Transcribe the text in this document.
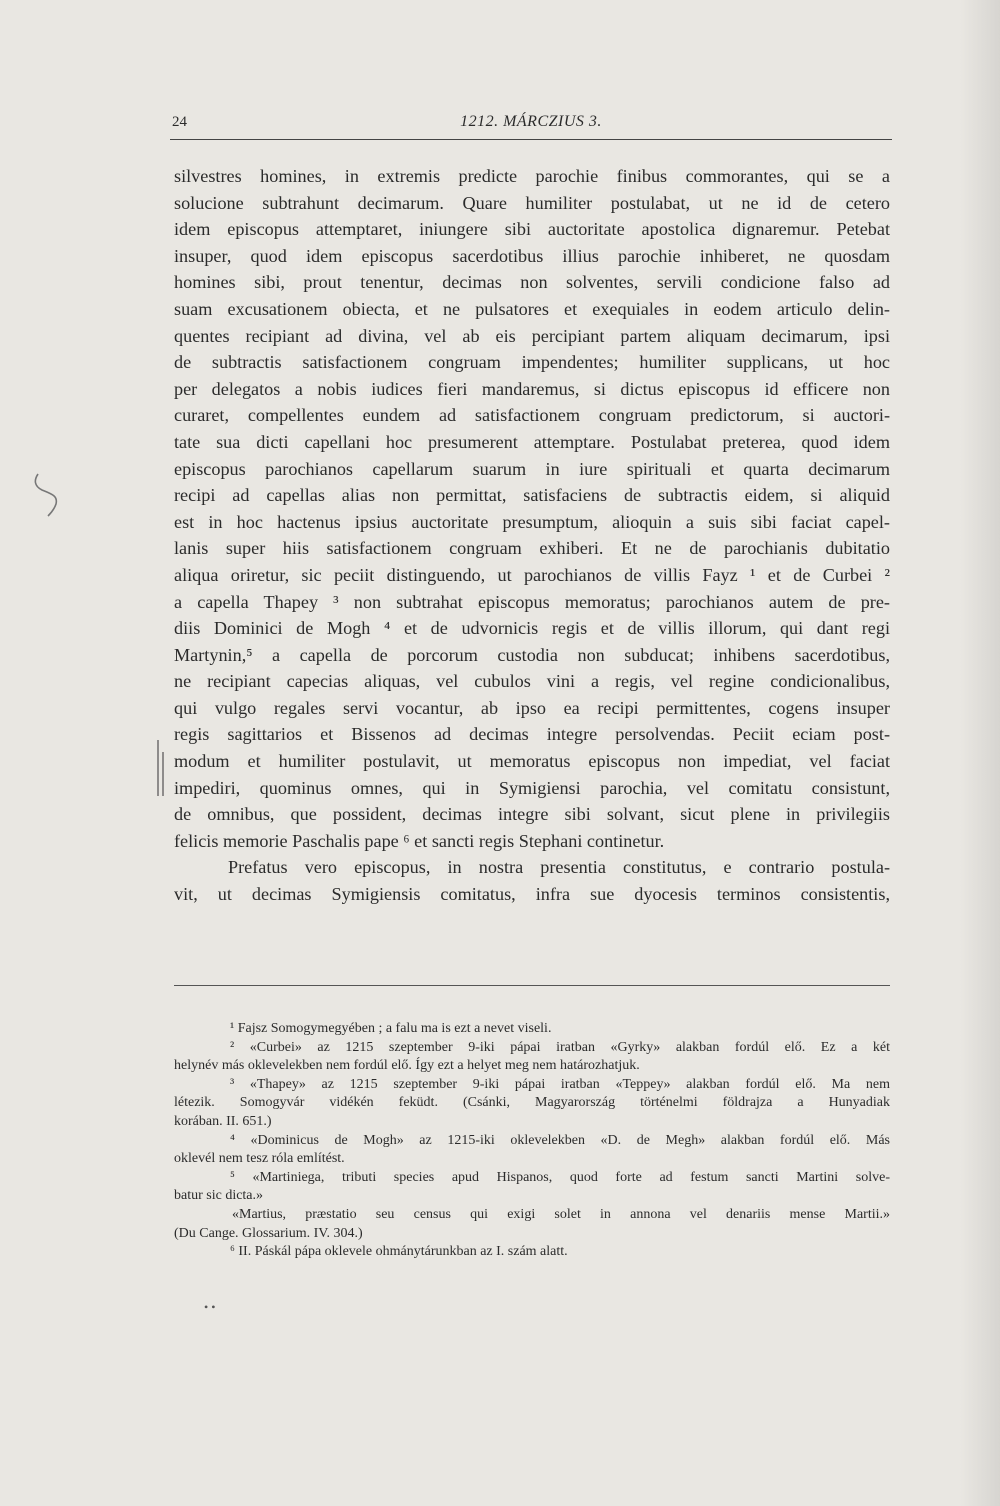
24	1212. MÁRCZIUS 3.
silvestres homines, in extremis predicte parochie finibus commorantes, qui se a
solucione subtrahunt decimarum. Quare humiliter postulabat, ut ne id de cetero
idem episcopus attemptaret, iniungere sibi auctoritate apostolica dignaremur. Petebat
insuper, quod idem episcopus sacerdotibus illius parochie inhiberet, ne quosdam
homines sibi, prout tenentur, decimas non solventes, servili condicione falso ad
suam excusationem obiecta, et ne pulsatores et exequiales in eodem articulo delin-
quentes recipiant ad divina, vel ab eis percipiant partem aliquam decimarum, ipsi
de subtractis satisfactionem congruam impendentes; humiliter supplicans, ut hoc
per delegatos a nobis iudices fieri mandaremus, si dictus episcopus id efficere non
curaret, compellentes eundem ad satisfactionem congruam predictorum, si auctori-
tate sua dicti capellani hoc presumerent attemptare. Postulabat preterea, quod idem
episcopus parochianos capellarum suarum in iure spirituali et quarta decimarum
recipi ad capellas alias non permittat, satisfaciens de subtractis eidem, si aliquid
est in hoc hactenus ipsius auctoritate presumptum, alioquin a suis sibi faciat capel-
lanis super hiis satisfactionem congruam exhiberi. Et ne de parochianis dubitatio
aliqua oriretur, sic peciit distinguendo, ut parochianos de villis Fayz ¹ et de Curbei ²
a capella Thapey ³ non subtrahat episcopus memoratus; parochianos autem de pre-
diis Dominici de Mogh ⁴ et de udvornicis regis et de villis illorum, qui dant regi
Martynin,⁵ a capella de porcorum custodia non subducat; inhibens sacerdotibus,
ne recipiant capecias aliquas, vel cubulos vini a regis, vel regine condicionalibus,
qui vulgo regales servi vocantur, ab ipso ea recipi permittentes, cogens insuper
regis sagittarios et Bissenos ad decimas integre persolvendas. Peciit eciam post-
modum et humiliter postulavit, ut memoratus episcopus non impediat, vel faciat
impediri, quominus omnes, qui in Symigiensi parochia, vel comitatu consistunt,
de omnibus, que possident, decimas integre sibi solvant, sicut plene in privilegiis
felicis memorie Paschalis pape ⁶ et sancti regis Stephani continetur.
Prefatus vero episcopus, in nostra presentia constitutus, e contrario postula-
vit, ut decimas Symigiensis comitatus, infra sue dyocesis terminos consistentis,
¹ Fajsz Somogymegyében ; a falu ma is ezt a nevet viseli.
² «Curbei» az 1215 szeptember 9-iki pápai iratban «Gyrky» alakban fordúl elő. Ez a két
helynév más oklevelekben nem fordúl elő. Így ezt a helyet meg nem határozhatjuk.
³ «Thapey» az 1215 szeptember 9-iki pápai iratban «Teppey» alakban fordúl elő. Ma nem
létezik. Somogyvár vidékén feküdt. (Csánki, Magyarország történelmi földrajza a Hunyadiak
korában. II. 651.)
⁴ «Dominicus de Mogh» az 1215-iki oklevelekben «D. de Megh» alakban fordúl elő. Más
oklevél nem tesz róla említést.
⁵ «Martiniega, tributi species apud Hispanos, quod forte ad festum sancti Martini solve-
batur sic dicta.»
«Martius, præstatio seu census qui exigi solet in annona vel denariis mense Martii.»
(Du Cange. Glossarium. IV. 304.)
⁶ II. Páskál pápa oklevele ohmánytárunkban az I. szám alatt.
• •
